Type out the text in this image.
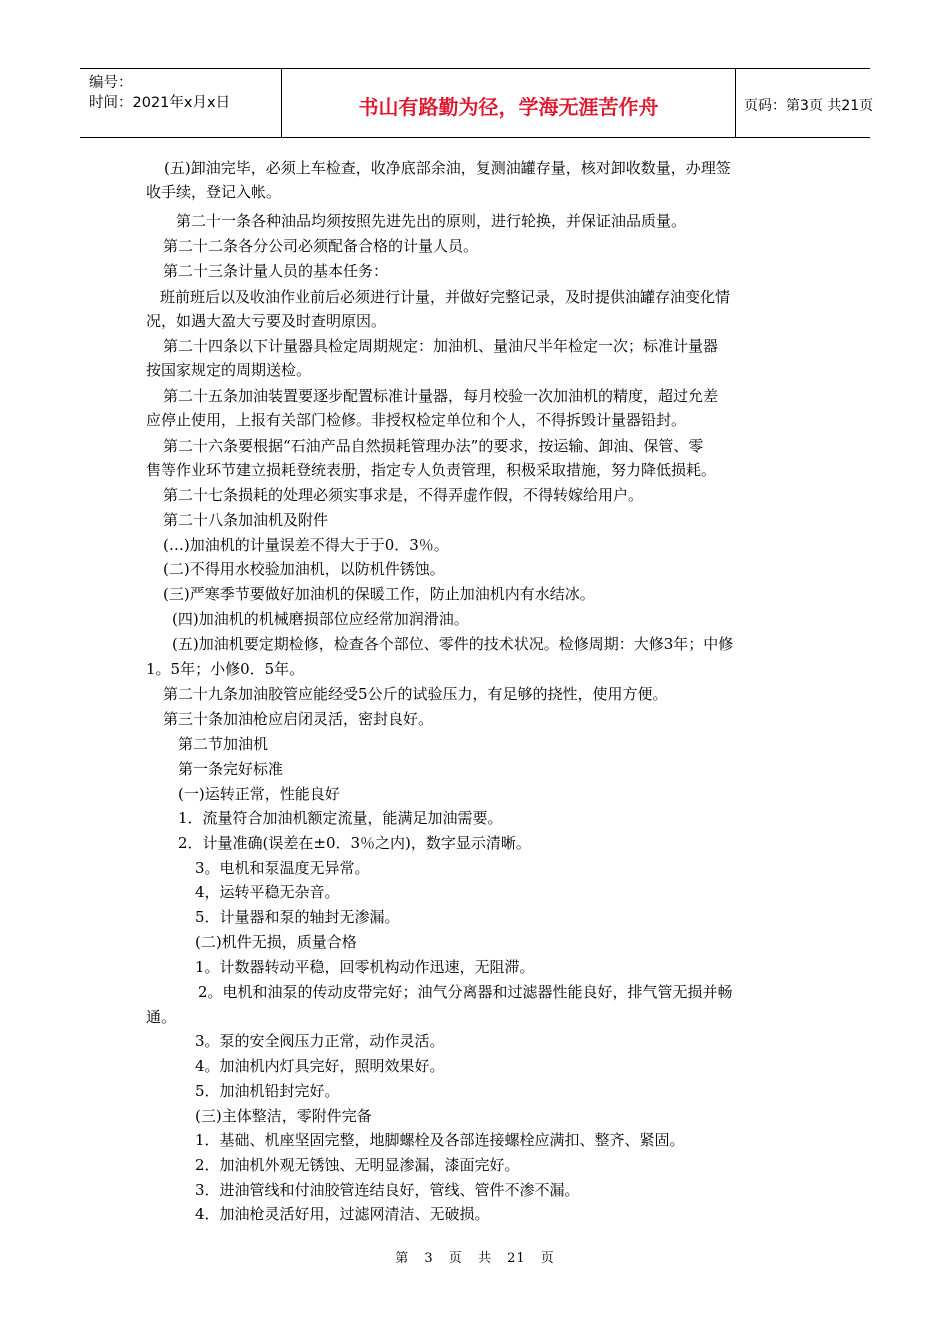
编号：
时间：2021年x月x日	书山有路勤为径，学海无涯苦作舟	页码：第3页 共21页
(五)卸油完毕，必须上车检查，收净底部余油，复测油罐存量，核对卸收数量，办理签
收手续，登记入帐。
第二十一条各种油品均须按照先进先出的原则，进行轮换，并保证油品质量。
第二十二条各分公司必须配备合格的计量人员。
第二十三条计量人员的基本任务：
班前班后以及收油作业前后必须进行计量，并做好完整记录，及时提供油罐存油变化情
况，如遇大盈大亏要及时查明原因。
第二十四条以下计量器具检定周期规定：加油机、量油尺半年检定一次；标准计量器
按国家规定的周期送检。
第二十五条加油装置要逐步配置标准计量器，每月校验一次加油机的精度，超过允差
应停止使用，上报有关部门检修。非授权检定单位和个人，不得拆毁计量器铅封。
第二十六条要根据“石油产品自然损耗管理办法”的要求，按运输、卸油、保管、零
售等作业环节建立损耗登统表册，指定专人负责管理，积极采取措施，努力降低损耗。
第二十七条损耗的处理必须实事求是，不得弄虚作假，不得转嫁给用户。
第二十八条加油机及附件
(…)加油机的计量误差不得大于于0．3％。
(二)不得用水校验加油机，以防机件锈蚀。
(三)严寒季节要做好加油机的保暖工作，防止加油机内有水结冰。
(四)加油机的机械磨损部位应经常加润滑油。
(五)加油机要定期检修，检查各个部位、零件的技术状况。检修周期：大修3年；中修
1。5年；小修0．5年。
第二十九条加油胶管应能经受5公斤的试验压力，有足够的挠性，使用方便。
第三十条加油枪应启闭灵活，密封良好。
第二节加油机
第一条完好标准
(一)运转正常，性能良好
1．流量符合加油机额定流量，能满足加油需要。
2．计量准确(误差在±0．3％之内)，数字显示清晰。
3。电机和泵温度无异常。
4，运转平稳无杂音。
5．计量器和泵的轴封无渗漏。
(二)机件无损，质量合格
1。计数器转动平稳，回零机构动作迅速，无阻滞。
2。电机和油泵的传动皮带完好；油气分离器和过滤器性能良好，排气管无损并畅
通。
3。泵的安全阀压力正常，动作灵活。
4。加油机内灯具完好，照明效果好。
5．加油机铅封完好。
(三)主体整洁，零附件完备
1．基础、机座坚固完整，地脚螺栓及各部连接螺栓应满扣、整齐、紧固。
2．加油机外观无锈蚀、无明显渗漏，漆面完好。
3．进油管线和付油胶管连结良好，管线、管件不渗不漏。
4．加油枪灵活好用，过滤网清洁、无破损。
第 3 页 共 21 页
